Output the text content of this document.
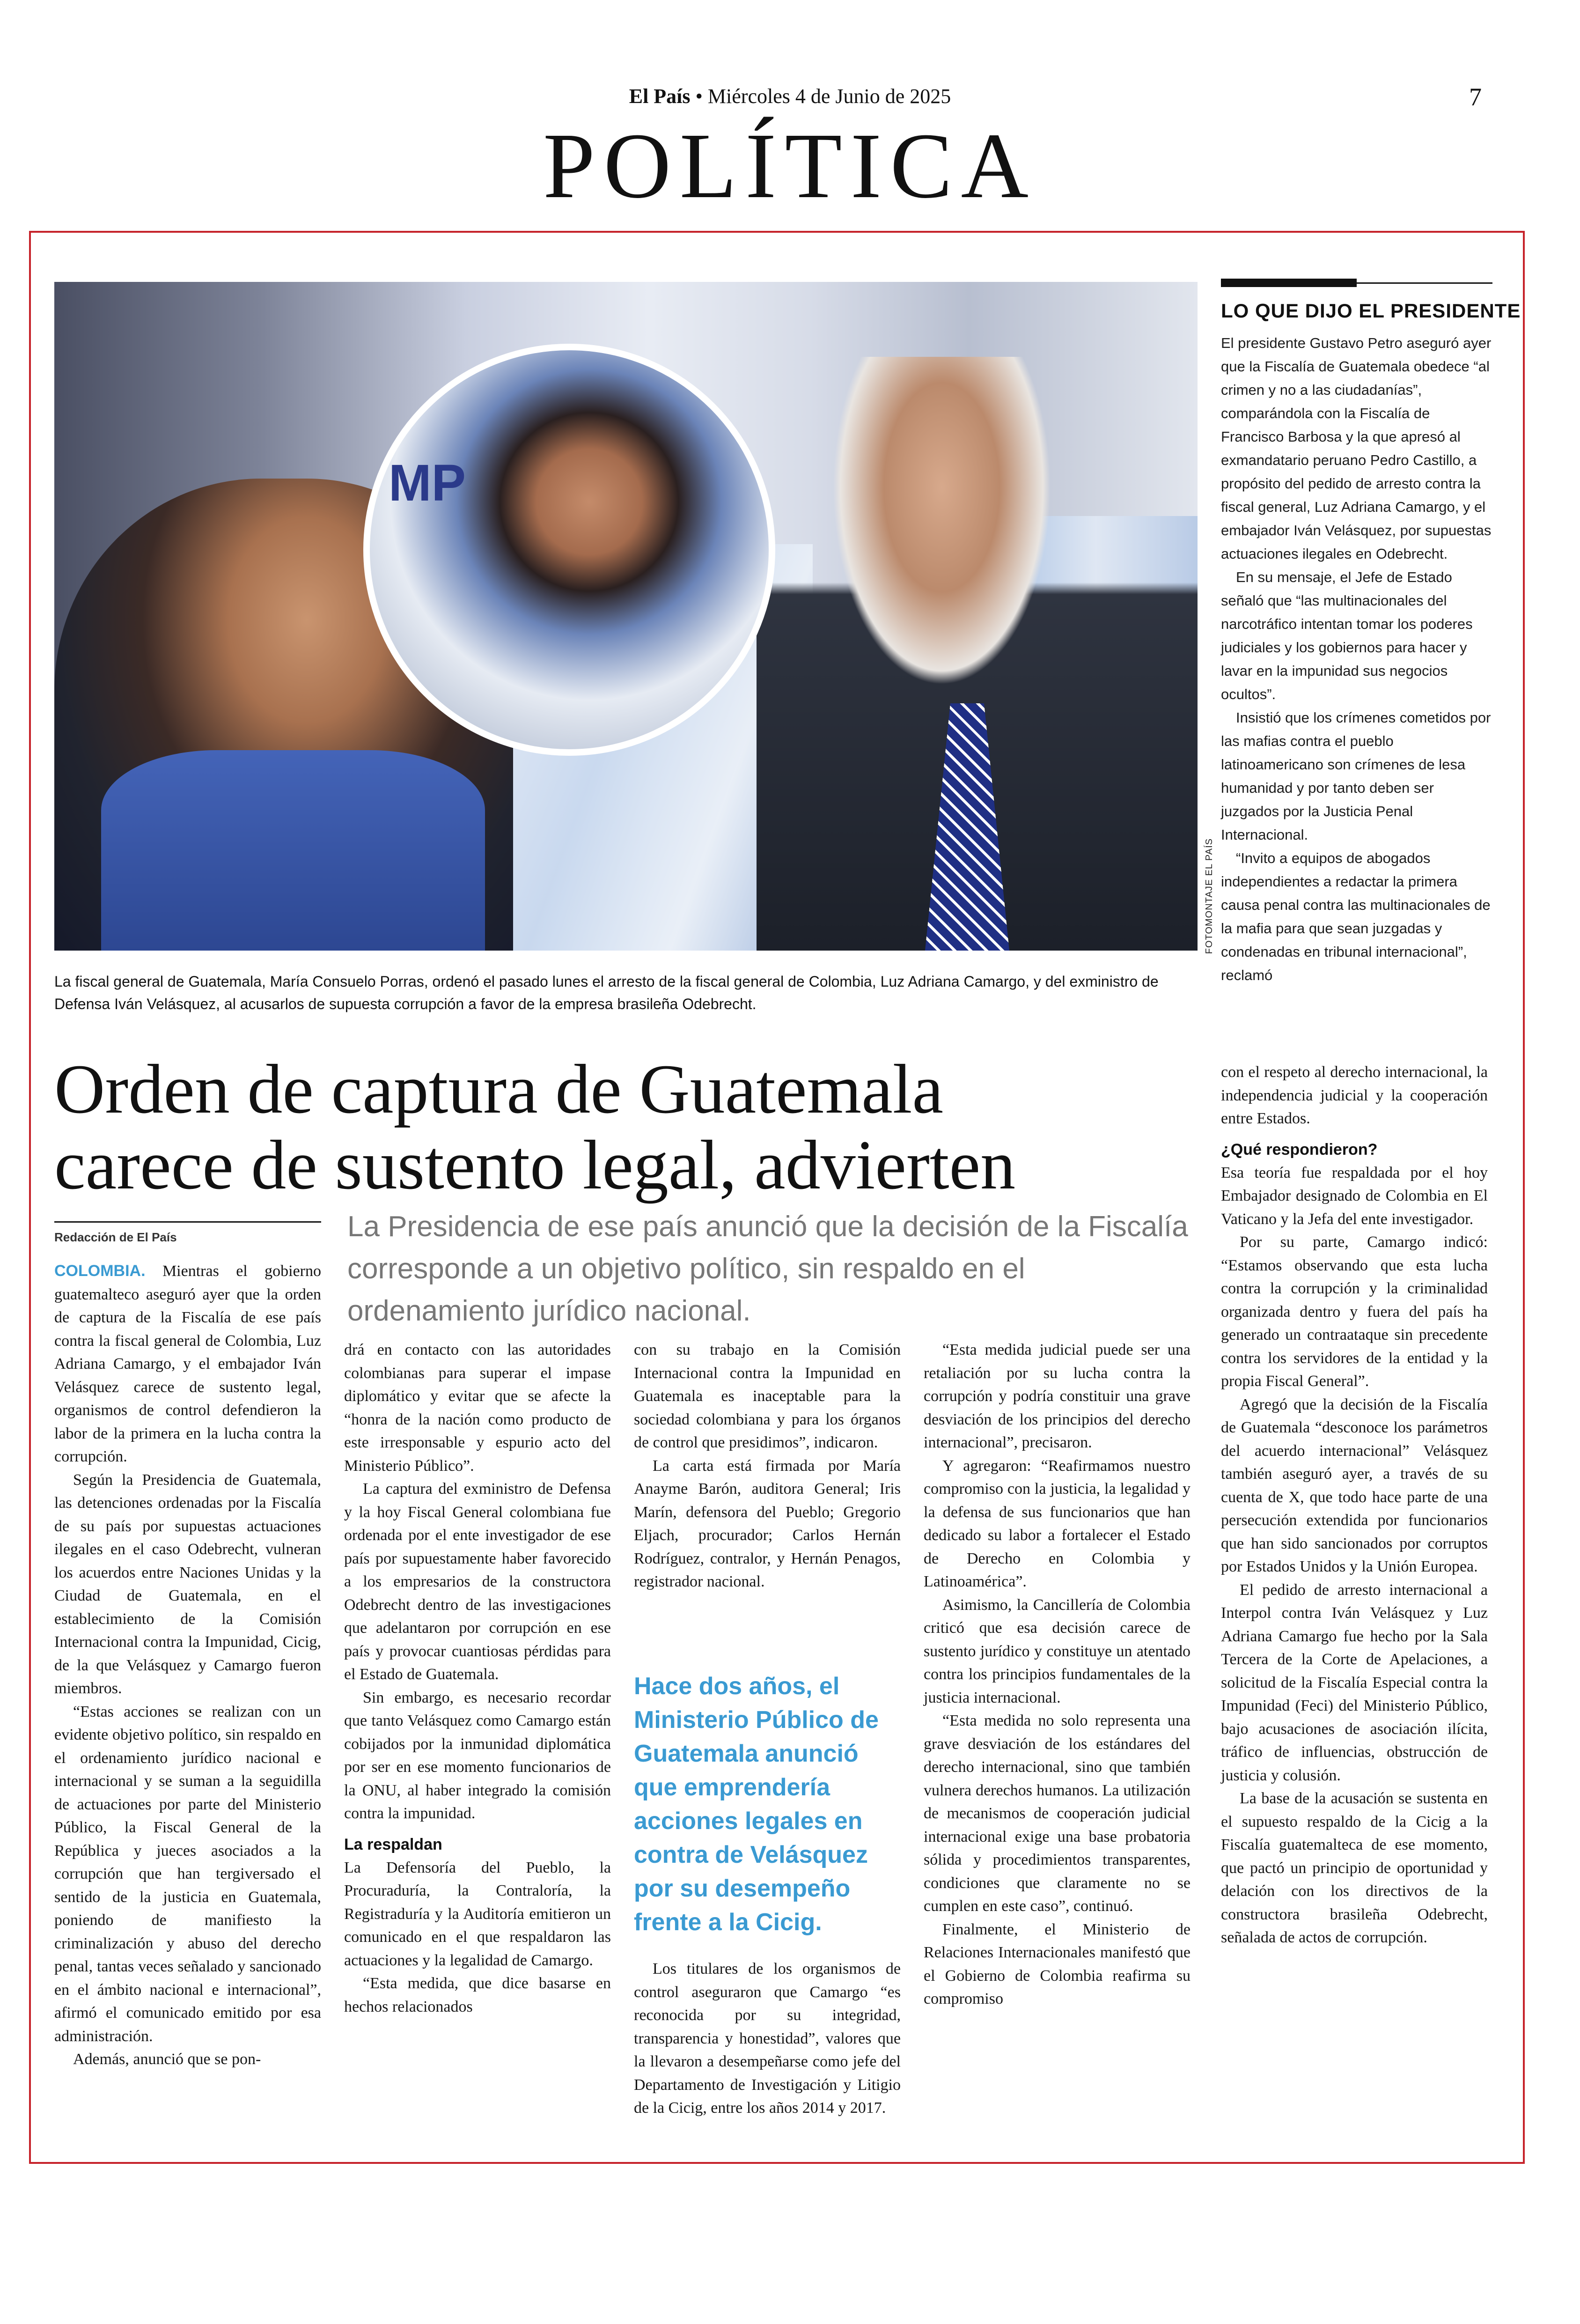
El País • Miércoles 4 de Junio de 2025	7
POLÍTICA
MP
FOTOMONTAJE EL PAÍS
La fiscal general de Guatemala, María Consuelo Porras, ordenó el pasado lunes el arresto de la fiscal general de Colombia, Luz Adriana Camargo, y del exministro de Defensa Iván Velásquez, al acusarlos de supuesta corrupción a favor de la empresa brasileña Odebrecht.
LO QUE DIJO EL PRESIDENTE

El presidente Gustavo Petro aseguró ayer que la Fiscalía de Guatemala obedece “al crimen y no a las ciudadanías”, comparándola con la Fiscalía de Francisco Barbosa y la que apresó al exmandatario peruano Pedro Castillo, a propósito del pedido de arresto contra la fiscal general, Luz Adriana Camargo, y el embajador Iván Velásquez, por supuestas actuaciones ilegales en Odebrecht.

En su mensaje, el Jefe de Estado señaló que “las multinacionales del narcotráfico intentan tomar los poderes judiciales y los gobiernos para hacer y lavar en la impunidad sus negocios ocultos”.

Insistió que los crímenes cometidos por las mafias contra el pueblo latinoamericano son crímenes de lesa humanidad y por tanto deben ser juzgados por la Justicia Penal Internacional.

“Invito a equipos de abogados independientes a redactar la primera causa penal contra las multinacionales de la mafia para que sean juzgadas y condenadas en tribunal internacional”, reclamó

Orden de captura de Guatemala
carece de sustento legal, advierten
Redacción de El País	La Presidencia de ese país anunció que la decisión de la Fiscalía corresponde a un objetivo político, sin respaldo en el ordenamiento jurídico nacional.

COLOMBIA. Mientras el gobierno guatemalteco aseguró ayer que la orden de captura de la Fiscalía de ese país contra la fiscal general de Colombia, Luz Adriana Camargo, y el embajador Iván Velásquez carece de sustento legal, organismos de control defendieron la labor de la primera en la lucha contra la corrupción.

Según la Presidencia de Guatemala, las detenciones ordenadas por la Fiscalía de su país por supuestas actuaciones ilegales en el caso Odebrecht, vulneran los acuerdos entre Naciones Unidas y la Ciudad de Guatemala, en el establecimiento de la Comisión Internacional contra la Impunidad, Cicig, de la que Velásquez y Camargo fueron miembros.

“Estas acciones se realizan con un evidente objetivo político, sin respaldo en el ordenamiento jurídico nacional e internacional y se suman a la seguidilla de actuaciones por parte del Ministerio Público, la Fiscal General de la República y jueces asociados a la corrupción que han tergiversado el sentido de la justicia en Guatemala, poniendo de manifiesto la criminalización y abuso del derecho penal, tantas veces señalado y sancionado en el ámbito nacional e internacional”, afirmó el comunicado emitido por esa administración.

Además, anunció que se pon-

drá en contacto con las autoridades colombianas para superar el impase diplomático y evitar que se afecte la “honra de la nación como producto de este irresponsable y espurio acto del Ministerio Público”.

La captura del exministro de Defensa y la hoy Fiscal General colombiana fue ordenada por el ente investigador de ese país por supuestamente haber favorecido a los empresarios de la constructora Odebrecht dentro de las investigaciones que adelantaron por corrupción en ese país y provocar cuantiosas pérdidas para el Estado de Guatemala.

Sin embargo, es necesario recordar que tanto Velásquez como Camargo están cobijados por la inmunidad diplomática por ser en ese momento funcionarios de la ONU, al haber integrado la comisión contra la impunidad.

La respaldan

La Defensoría del Pueblo, la Procuraduría, la Contraloría, la Registraduría y la Auditoría emitieron un comunicado en el que respaldaron las actuaciones y la legalidad de Camargo.

“Esta medida, que dice basarse en hechos relacionados

con su trabajo en la Comisión Internacional contra la Impunidad en Guatemala es inaceptable para la sociedad colombiana y para los órganos de control que presidimos”, indicaron.

La carta está firmada por María Anayme Barón, auditora General; Iris Marín, defensora del Pueblo; Gregorio Eljach, procurador; Carlos Hernán Rodríguez, contralor, y Hernán Penagos, registrador nacional.

Hace dos años, el Ministerio Público de Guatemala anunció que emprendería acciones legales en contra de Velásquez por su desempeño frente a la Cicig.

Los titulares de los organismos de control aseguraron que Camargo “es reconocida por su integridad, transparencia y honestidad”, valores que la llevaron a desempeñarse como jefe del Departamento de Investigación y Litigio de la Cicig, entre los años 2014 y 2017.

“Esta medida judicial puede ser una retaliación por su lucha contra la corrupción y podría constituir una grave desviación de los principios del derecho internacional”, precisaron.

Y agregaron: “Reafirmamos nuestro compromiso con la justicia, la legalidad y la defensa de sus funcionarios que han dedicado su labor a fortalecer el Estado de Derecho en Colombia y Latinoamérica”.

Asimismo, la Cancillería de Colombia criticó que esa decisión carece de sustento jurídico y constituye un atentado contra los principios fundamentales de la justicia internacional.

“Esta medida no solo representa una grave desviación de los estándares del derecho internacional, sino que también vulnera derechos humanos. La utilización de mecanismos de cooperación judicial internacional exige una base probatoria sólida y procedimientos transparentes, condiciones que claramente no se cumplen en este caso”, continuó.

Finalmente, el Ministerio de Relaciones Internacionales manifestó que el Gobierno de Colombia reafirma su compromiso

con el respeto al derecho internacional, la independencia judicial y la cooperación entre Estados.

¿Qué respondieron?

Esa teoría fue respaldada por el hoy Embajador designado de Colombia en El Vaticano y la Jefa del ente investigador.

Por su parte, Camargo indicó: “Estamos observando que esta lucha contra la corrupción y la criminalidad organizada dentro y fuera del país ha generado un contraataque sin precedente contra los servidores de la entidad y la propia Fiscal General”.

Agregó que la decisión de la Fiscalía de Guatemala “desconoce los parámetros del acuerdo internacional” Velásquez también aseguró ayer, a través de su cuenta de X, que todo hace parte de una persecución extendida por funcionarios que han sido sancionados por corruptos por Estados Unidos y la Unión Europea.

El pedido de arresto internacional a Interpol contra Iván Velásquez y Luz Adriana Camargo fue hecho por la Sala Tercera de la Corte de Apelaciones, a solicitud de la Fiscalía Especial contra la Impunidad (Feci) del Ministerio Público, bajo acusaciones de asociación ilícita, tráfico de influencias, obstrucción de justicia y colusión.

La base de la acusación se sustenta en el supuesto respaldo de la Cicig a la Fiscalía guatemalteca de ese momento, que pactó un principio de oportunidad y delación con los directivos de la constructora brasileña Odebrecht, señalada de actos de corrupción.
